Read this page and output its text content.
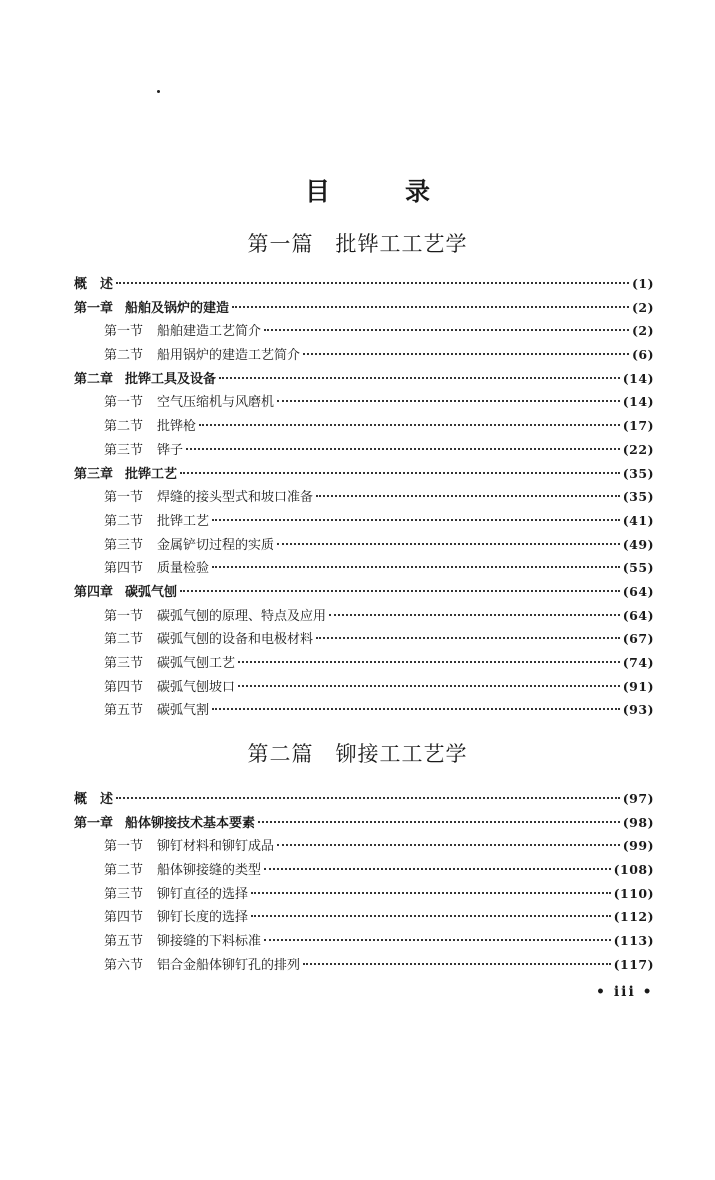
目	录
第一篇 批铧工工艺学
概　述	(1)
第一章 船舶及锅炉的建造	(2)
第一节 船舶建造工艺简介	(2)
第二节 船用锅炉的建造工艺简介	(6)
第二章 批铧工具及设备	(14)
第一节 空气压缩机与风磨机	(14)
第二节 批铧枪	(17)
第三节 铧子	(22)
第三章 批铧工艺	(35)
第一节 焊缝的接头型式和坡口准备	(35)
第二节 批铧工艺	(41)
第三节 金属铲切过程的实质	(49)
第四节 质量检验	(55)
第四章 碳弧气刨	(64)
第一节 碳弧气刨的原理、特点及应用	(64)
第二节 碳弧气刨的设备和电极材料	(67)
第三节 碳弧气刨工艺	(74)
第四节 碳弧气刨坡口	(91)
第五节 碳弧气割	(93)
第二篇 铆接工工艺学
概　述	(97)
第一章 船体铆接技术基本要素	(98)
第一节 铆钉材料和铆钉成品	(99)
第二节 船体铆接缝的类型	(108)
第三节 铆钉直径的选择	(110)
第四节 铆钉长度的选择	(112)
第五节 铆接缝的下料标准	(113)
第六节 铝合金船体铆钉孔的排列	(117)
• iii •
